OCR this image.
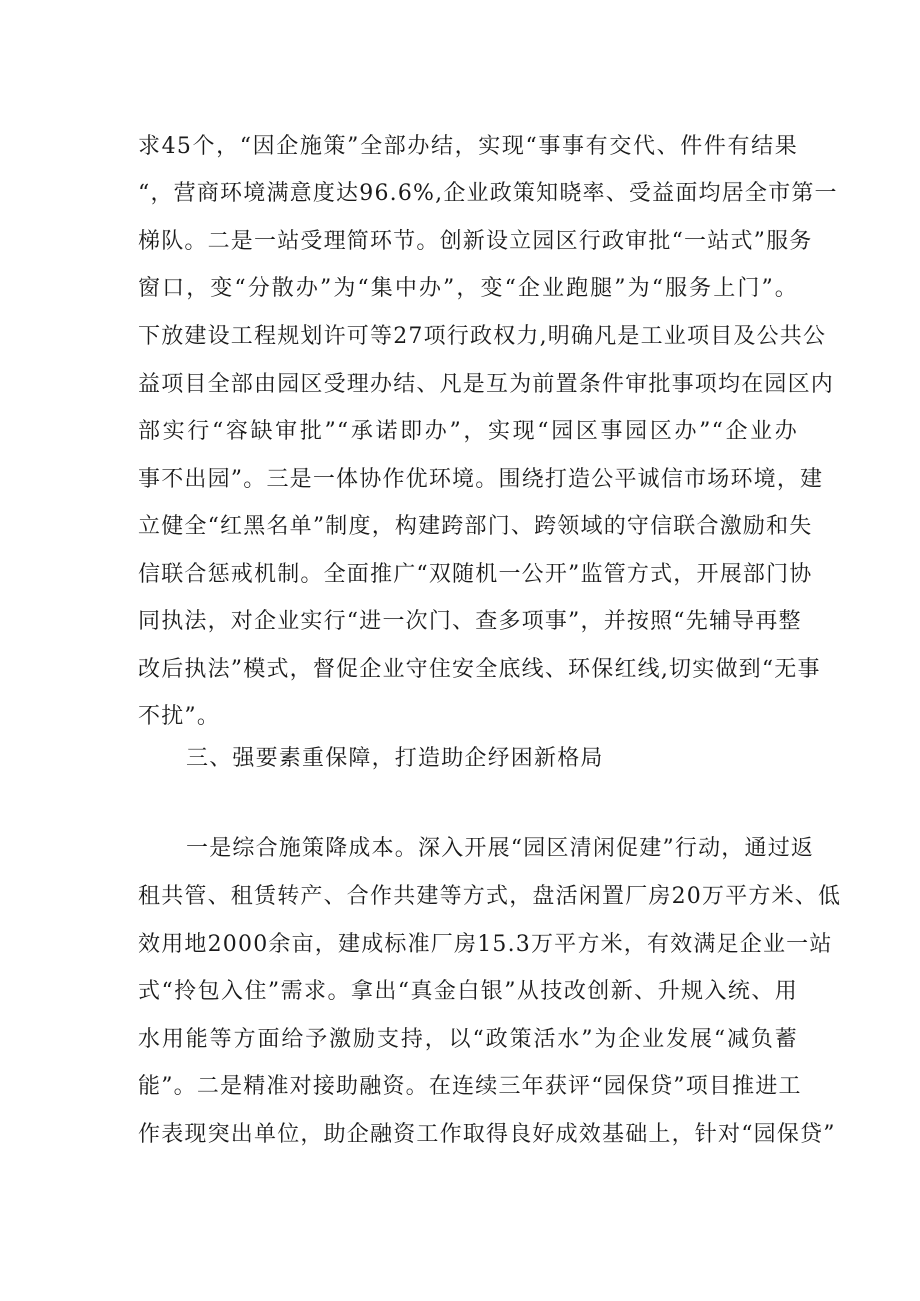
求45个，“因企施策”全部办结，实现“事事有交代、件件有结果
“，营商环境满意度达96.6%,企业政策知晓率、受益面均居全市第一
梯队。二是一站受理简环节。创新设立园区行政审批“一站式”服务
窗口，变“分散办”为“集中办”，变“企业跑腿”为“服务上门”。
下放建设工程规划许可等27项行政权力,明确凡是工业项目及公共公
益项目全部由园区受理办结、凡是互为前置条件审批事项均在园区内
部实行“容缺审批”“承诺即办”，实现“园区事园区办”“企业办
事不出园”。三是一体协作优环境。围绕打造公平诚信市场环境，建
立健全“红黑名单”制度，构建跨部门、跨领域的守信联合激励和失
信联合惩戒机制。全面推广“双随机一公开”监管方式，开展部门协
同执法，对企业实行“进一次门、查多项事”，并按照“先辅导再整
改后执法”模式，督促企业守住安全底线、环保红线,切实做到“无事
不扰”。
三、强要素重保障，打造助企纾困新格局
一是综合施策降成本。深入开展“园区清闲促建”行动，通过返
租共管、租赁转产、合作共建等方式，盘活闲置厂房20万平方米、低
效用地2000余亩，建成标准厂房15.3万平方米，有效满足企业一站
式“拎包入住”需求。拿出“真金白银”从技改创新、升规入统、用
水用能等方面给予激励支持，以“政策活水”为企业发展“减负蓄
能”。二是精准对接助融资。在连续三年获评“园保贷”项目推进工
作表现突出单位，助企融资工作取得良好成效基础上，针对“园保贷”
